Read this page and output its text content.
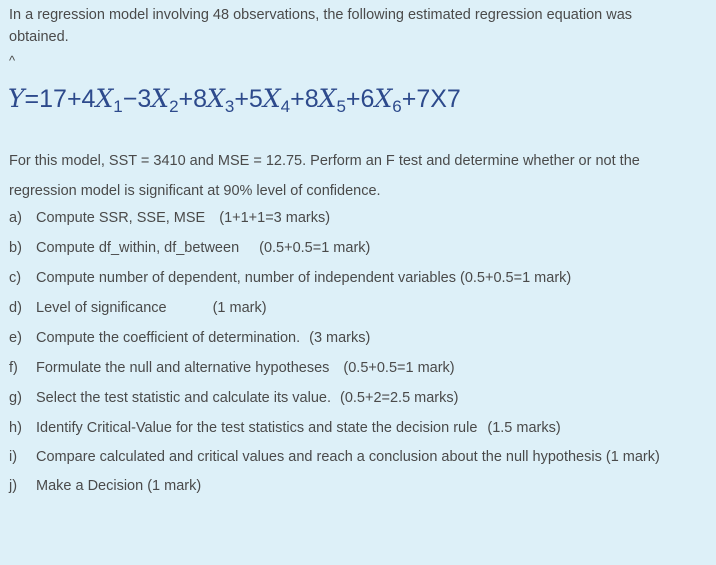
In a regression model involving 48 observations, the following estimated regression equation was obtained.
^
$Y=17+4X_1-3X_2+8X_3+5X_4+8X_5+6X_6+7X7$
For this model, SST = 3410 and MSE = 12.75. Perform an F test and determine whether or not the regression model is significant at 90% level of confidence.
a) Compute SSR, SSE, MSE (1+1+1=3 marks)
b) Compute df_within, df_between (0.5+0.5=1 mark)
c) Compute number of dependent, number of independent variables (0.5+0.5=1 mark)
d) Level of significance	(1 mark)
e) Compute the coefficient of determination. (3 marks)
f) Formulate the null and alternative hypotheses (0.5+0.5=1 mark)
g) Select the test statistic and calculate its value. (0.5+2=2.5 marks)
h) Identify Critical-Value for the test statistics and state the decision rule (1.5 marks)
i) Compare calculated and critical values and reach a conclusion about the null hypothesis (1 mark)
j) Make a Decision (1 mark)
